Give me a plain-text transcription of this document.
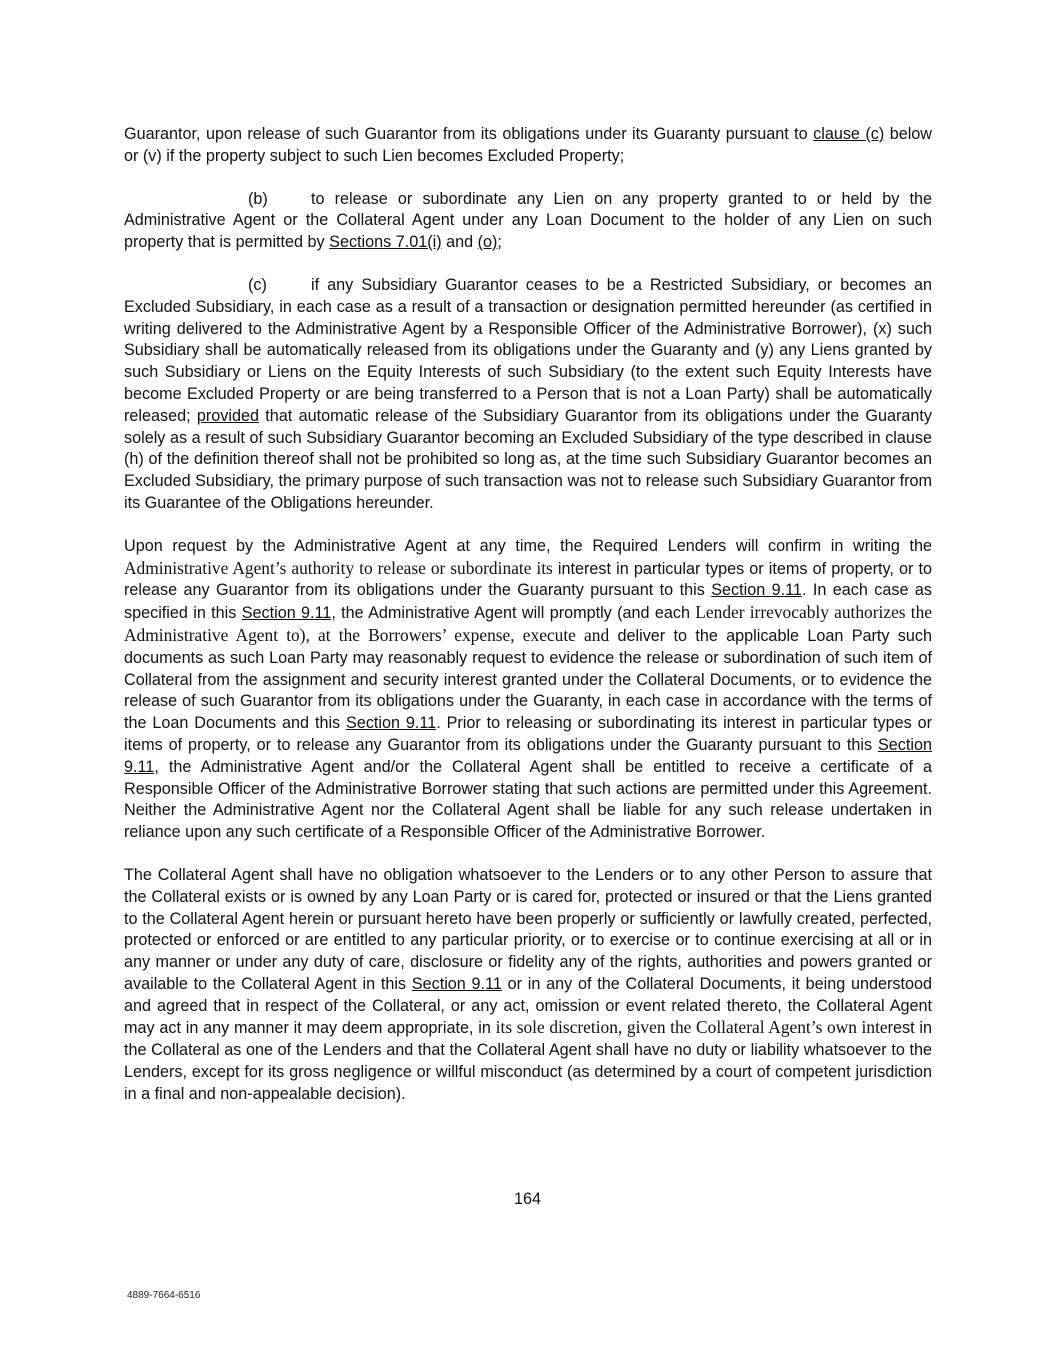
Guarantor, upon release of such Guarantor from its obligations under its Guaranty pursuant to clause (c) below or (v) if the property subject to such Lien becomes Excluded Property;

(b)	to release or subordinate any Lien on any property granted to or held by the Administrative Agent or the Collateral Agent under any Loan Document to the holder of any Lien on such property that is permitted by Sections 7.01(i) and (o);

(c)	if any Subsidiary Guarantor ceases to be a Restricted Subsidiary, or becomes an Excluded Subsidiary, in each case as a result of a transaction or designation permitted hereunder (as certified in writing delivered to the Administrative Agent by a Responsible Officer of the Administrative Borrower), (x) such Subsidiary shall be automatically released from its obligations under the Guaranty and (y) any Liens granted by such Subsidiary or Liens on the Equity Interests of such Subsidiary (to the extent such Equity Interests have become Excluded Property or are being transferred to a Person that is not a Loan Party) shall be automatically released; provided that automatic release of the Subsidiary Guarantor from its obligations under the Guaranty solely as a result of such Subsidiary Guarantor becoming an Excluded Subsidiary of the type described in clause (h) of the definition thereof shall not be prohibited so long as, at the time such Subsidiary Guarantor becomes an Excluded Subsidiary, the primary purpose of such transaction was not to release such Subsidiary Guarantor from its Guarantee of the Obligations hereunder.

Upon request by the Administrative Agent at any time, the Required Lenders will confirm in writing the Administrative Agent’s authority to release or subordinate its interest in particular types or items of property, or to release any Guarantor from its obligations under the Guaranty pursuant to this Section 9.11. In each case as specified in this Section 9.11, the Administrative Agent will promptly (and each Lender irrevocably authorizes the Administrative Agent to), at the Borrowers’ expense, execute and deliver to the applicable Loan Party such documents as such Loan Party may reasonably request to evidence the release or subordination of such item of Collateral from the assignment and security interest granted under the Collateral Documents, or to evidence the release of such Guarantor from its obligations under the Guaranty, in each case in accordance with the terms of the Loan Documents and this Section 9.11. Prior to releasing or subordinating its interest in particular types or items of property, or to release any Guarantor from its obligations under the Guaranty pursuant to this Section 9.11, the Administrative Agent and/or the Collateral Agent shall be entitled to receive a certificate of a Responsible Officer of the Administrative Borrower stating that such actions are permitted under this Agreement. Neither the Administrative Agent nor the Collateral Agent shall be liable for any such release undertaken in reliance upon any such certificate of a Responsible Officer of the Administrative Borrower.

The Collateral Agent shall have no obligation whatsoever to the Lenders or to any other Person to assure that the Collateral exists or is owned by any Loan Party or is cared for, protected or insured or that the Liens granted to the Collateral Agent herein or pursuant hereto have been properly or sufficiently or lawfully created, perfected, protected or enforced or are entitled to any particular priority, or to exercise or to continue exercising at all or in any manner or under any duty of care, disclosure or fidelity any of the rights, authorities and powers granted or available to the Collateral Agent in this Section 9.11 or in any of the Collateral Documents, it being understood and agreed that in respect of the Collateral, or any act, omission or event related thereto, the Collateral Agent may act in any manner it may deem appropriate, in its sole discretion, given the Collateral Agent’s own interest in the Collateral as one of the Lenders and that the Collateral Agent shall have no duty or liability whatsoever to the Lenders, except for its gross negligence or willful misconduct (as determined by a court of competent jurisdiction in a final and non-appealable decision).

164
4889-7664-6516
